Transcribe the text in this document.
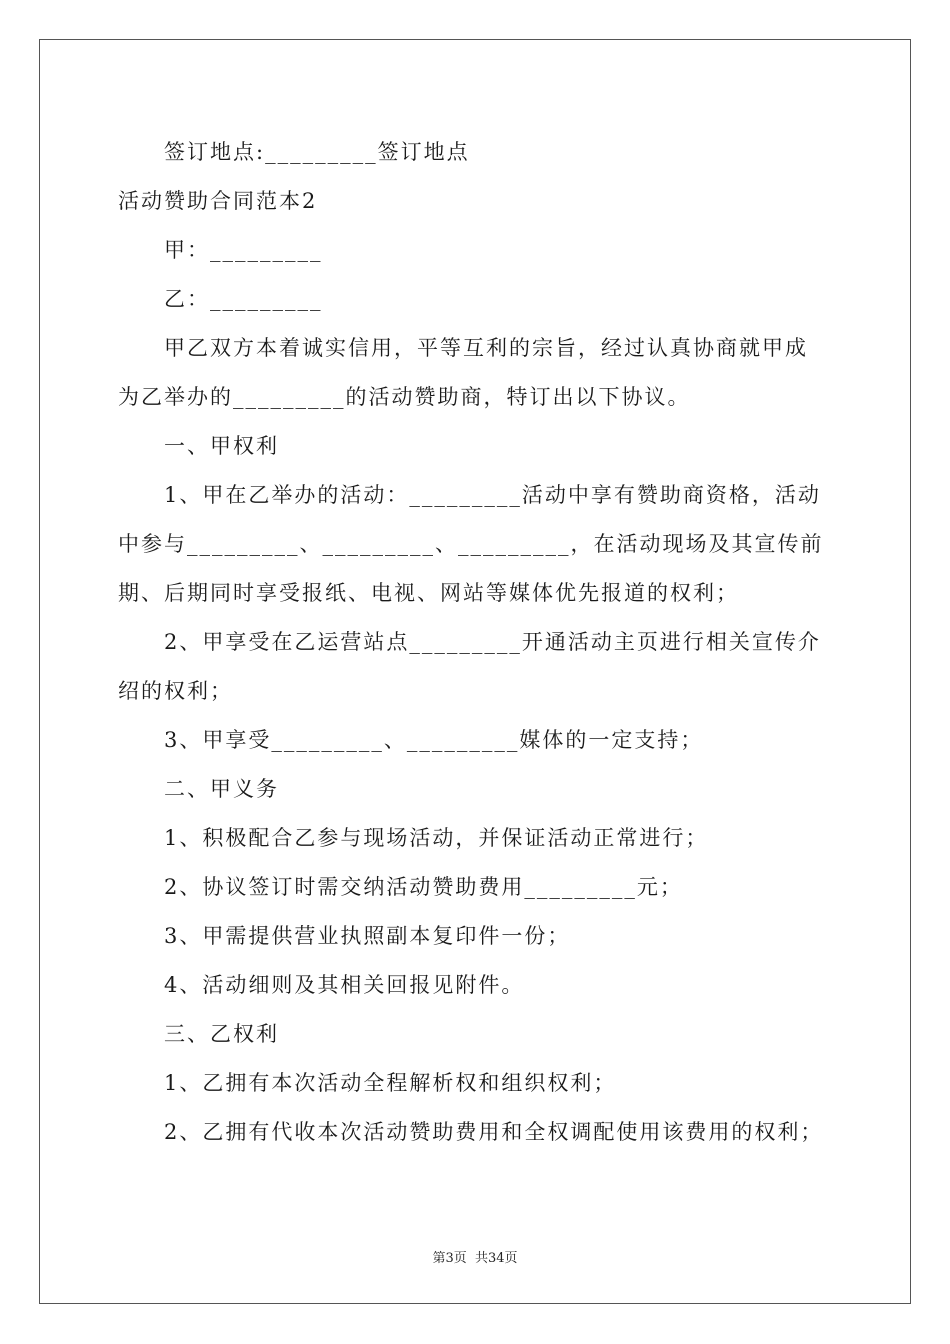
签订地点:_________签订地点

活动赞助合同范本2

甲：_________

乙：_________

甲乙双方本着诚实信用，平等互利的宗旨，经过认真协商就甲成

为乙举办的_________的活动赞助商，特订出以下协议。

一、甲权利

1、甲在乙举办的活动：_________活动中享有赞助商资格，活动

中参与_________、_________、_________，在活动现场及其宣传前

期、后期同时享受报纸、电视、网站等媒体优先报道的权利；

2、甲享受在乙运营站点_________开通活动主页进行相关宣传介

绍的权利；

3、甲享受_________、_________媒体的一定支持；

二、甲义务

1、积极配合乙参与现场活动，并保证活动正常进行；

2、协议签订时需交纳活动赞助费用_________元；

3、甲需提供营业执照副本复印件一份；

4、活动细则及其相关回报见附件。

三、乙权利

1、乙拥有本次活动全程解析权和组织权利；

2、乙拥有代收本次活动赞助费用和全权调配使用该费用的权利；

第3页 共34页
